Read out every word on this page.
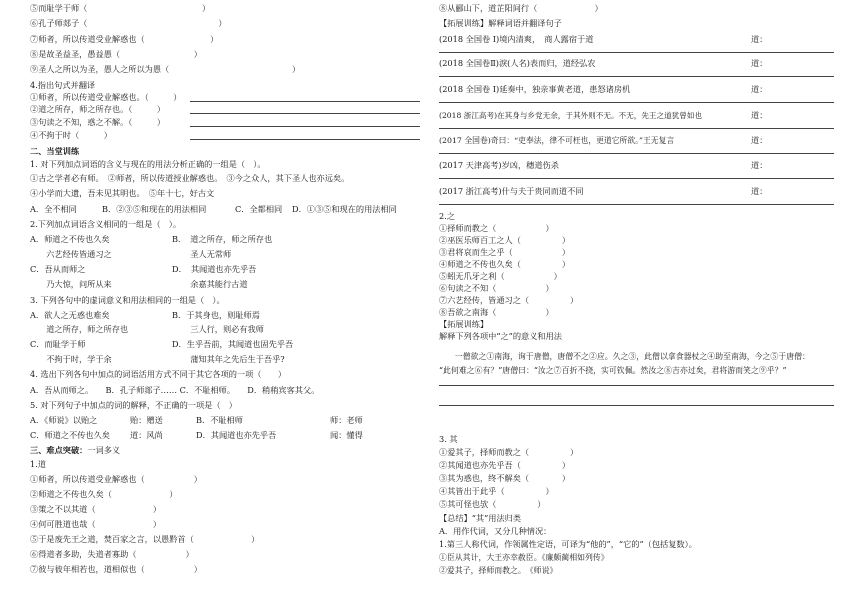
⑤而耻学于师（　　　　　　　　　　　　　　）
⑥孔子师郯子（　　　　　　　　　　　　　　　　）
⑦师者，所以传道受业解惑也（　　　　　　　　）
⑧是故圣益圣，愚益愚（　　　　　　　　　）
⑨圣人之所以为圣，愚人之所以为愚（　　　　　　　　　　　　　　　）
4.指出句式并翻译
①师者，所以传道受业解惑也。（　　　）
②道之所存，师之所存也。（　　　）
③句读之不知，惑之不解。（　　　）
④不拘于时（　　　）
二、当堂训练
1. 对下列加点词语的含义与现在的用法分析正确的一组是（　）。
①古之学者必有师。　②师者，所以传道授业解惑也。　③今之众人，其下圣人也亦远矣。
④小学而大遗，吾未见其明也。　⑤年十七，好古文
A．全不相同	B．②③⑤和现在的用法相同	C．全都相同 D．①③⑤和现在的用法相同
2.下列加点词语含义相同的一组是（　）。
A．师道之不传也久矣	B．　道之所存，师之所存也
　六艺经传皆通习之	　圣人无常师
C．吾从而师之	D．　其闻道也亦先乎吾
　乃大惊，问所从来	　余嘉其能行古道
3. 下列各句中的虚词意义和用法相同的一组是（　）。
A．欲人之无惑也难矣	B．于其身也，则耻师焉
　道之所存，师之所存也	　三人行，则必有我师
C．而耻学于师	D．生乎吾前，其闻道也固先乎吾
　不拘于时，学于余	　蒲知其年之先后生于吾乎?
4. 选出下列各句中加点的词语活用方式不同于其它各项的一项（　　）
A．吾从而师之。　　B．孔子师郯子…… C．不耻相师。　　D．稍稍宾客其父。
5. 对下列句子中加点的词的解释，不正确的一项是（　）
A．《师说》以贻之	贻：赠送	B．不耻相师	师：老师
C．师道之不传也久矣 道：风尚	D．其闻道也亦先乎吾	闻：懂得
三、难点突破：一词多义
1.道
①师者，所以传道受业解惑也（　　　　　　）
②师道之不传也久矣（　　　　　　　）
③策之不以其道（　　　　　　　）
④何可胜道也哉（　　　　　　　）
⑤于是废先王之道，焚百家之言，以愚黔首（　　　　　　　）
⑥得道者多助，失道者寡助（　　　　　　）
⑦彼与彼年相若也，道相似也（　　　　　　）
⑧从郦山下，道芷阳间行（　　　　　　　）
【拓展训练】解释词语并翻译句子
(2018 全国卷 I)境内清爽，　商人露宿于道	道：
(2018 全国卷Ⅱ)淚(人名)表而归，道经弘农	道：
(2018 全国卷 I)延奏中，独亲事黄老道，患怒诸房机	道：
(2018 浙江高考)在其身与乡党无余，于其外则不无。不无，先王之道犹曾如也	道：
(2017 全国卷)奇曰：“吏奉法，律不可枉也，更道它所欲。”王无复言	道：
(2017 天津高考)岁凶，穗道伤杀	道：
(2017 浙江高考)什与夫于贵同而道不同	道：
2.之
①择师而教之（　　　　　　）
②巫医乐师百工之人（　　　　　）
③君将哀而生之乎（　　　　　　）
④师道之不传也久矣（　　　　　）
⑤蚓无爪牙之利（　　　　　　）
⑥句读之不知（　　　　　　）
⑦六艺经传，皆通习之（　　　　　）
⑧吾欲之南海（　　　　　　）
【拓展训练】
解释下列各项中“之”的意义和用法
　　一僧欲之①南海，询于唐僧，唐僧不之②应。久之③，此僧以拿食器杖之④助至南海，今之⑤于唐僧：
“此何难之⑥有？”唐僧曰：“汝之⑦百折不挠，实可钦佩。然汝之⑧吉亦过矣，君将游而笑之⑨乎？”
3. 其
①爱其子，择师而教之（　　　　　）
②其闻道也亦先乎吾（　　　　　）
③其为惑也，终不解矣（　　　　）
④其皆出于此乎（　　　　　）
⑤其可怪也欤（　　　　　）
【总结】“其”用法归类
A．用作代词，又分几种情况：
1.第三人称代词，作领属性定语，可译为“他的”，“它的”（包括复数）。
①臣从其计，大王亦幸赦臣。《廉颇蔺相如列传》
②爱其子，择师而教之。　《师说》
